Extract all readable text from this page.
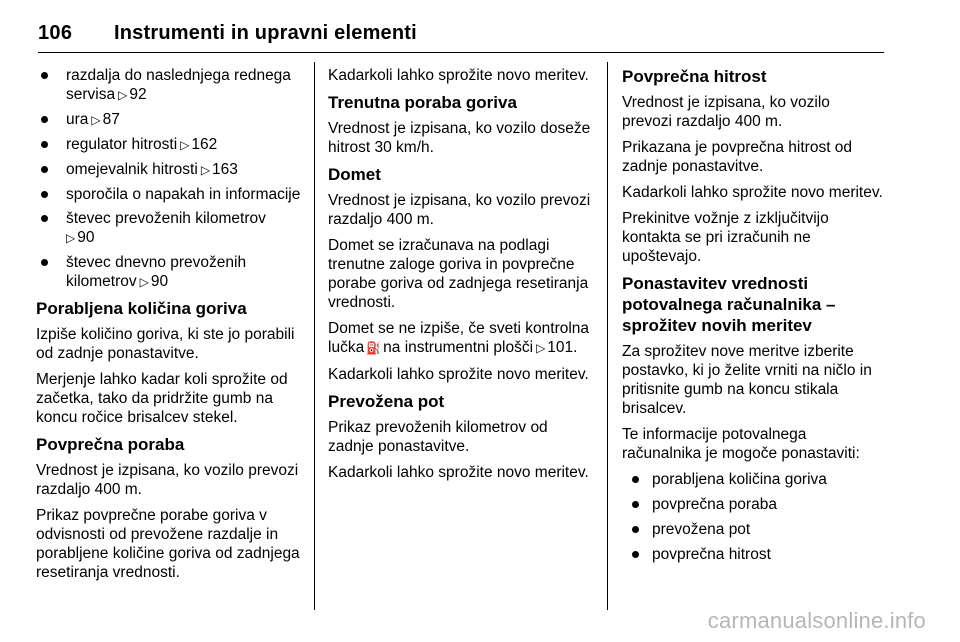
106 Instrumenti in upravni elementi
razdalja do naslednjega rednega servisa ▷ 92
ura ▷ 87
regulator hitrosti ▷ 162
omejevalnik hitrosti ▷ 163
sporočila o napakah in informacije
števec prevoženih kilometrov
▷ 90
števec dnevno prevoženih kilometrov ▷ 90
Porabljena količina goriva

Izpiše količino goriva, ki ste jo porabili od zadnje ponastavitve.

Merjenje lahko kadar koli sprožite od začetka, tako da pridržite gumb na koncu ročice brisalcev stekel.

Povprečna poraba

Vrednost je izpisana, ko vozilo prevozi razdaljo 400 m.

Prikaz povprečne porabe goriva v odvisnosti od prevožene razdalje in porabljene količine goriva od zadnjega resetiranja vrednosti.

Kadarkoli lahko sprožite novo meritev.

Trenutna poraba goriva

Vrednost je izpisana, ko vozilo doseže hitrost 30 km/h.

Domet

Vrednost je izpisana, ko vozilo prevozi razdaljo 400 m.

Domet se izračunava na podlagi trenutne zaloge goriva in povprečne porabe goriva od zadnjega resetiranja vrednosti.

Domet se ne izpiše, če sveti kontrolna lučka ⛽ na instrumentni plošči ▷ 101.

Kadarkoli lahko sprožite novo meritev.

Prevožena pot

Prikaz prevoženih kilometrov od zadnje ponastavitve.

Kadarkoli lahko sprožite novo meritev.

Povprečna hitrost

Vrednost je izpisana, ko vozilo prevozi razdaljo 400 m.

Prikazana je povprečna hitrost od zadnje ponastavitve.

Kadarkoli lahko sprožite novo meritev.

Prekinitve vožnje z izključitvijo kontakta se pri izračunih ne upoštevajo.

Ponastavitev vrednosti potovalnega računalnika – sprožitev novih meritev

Za sprožitev nove meritve izberite postavko, ki jo želite vrniti na ničlo in pritisnite gumb na koncu stikala brisalcev.

Te informacije potovalnega računalnika je mogoče ponastaviti:

porabljena količina goriva
povprečna poraba
prevožena pot
povprečna hitrost
carmanualsonline.info
